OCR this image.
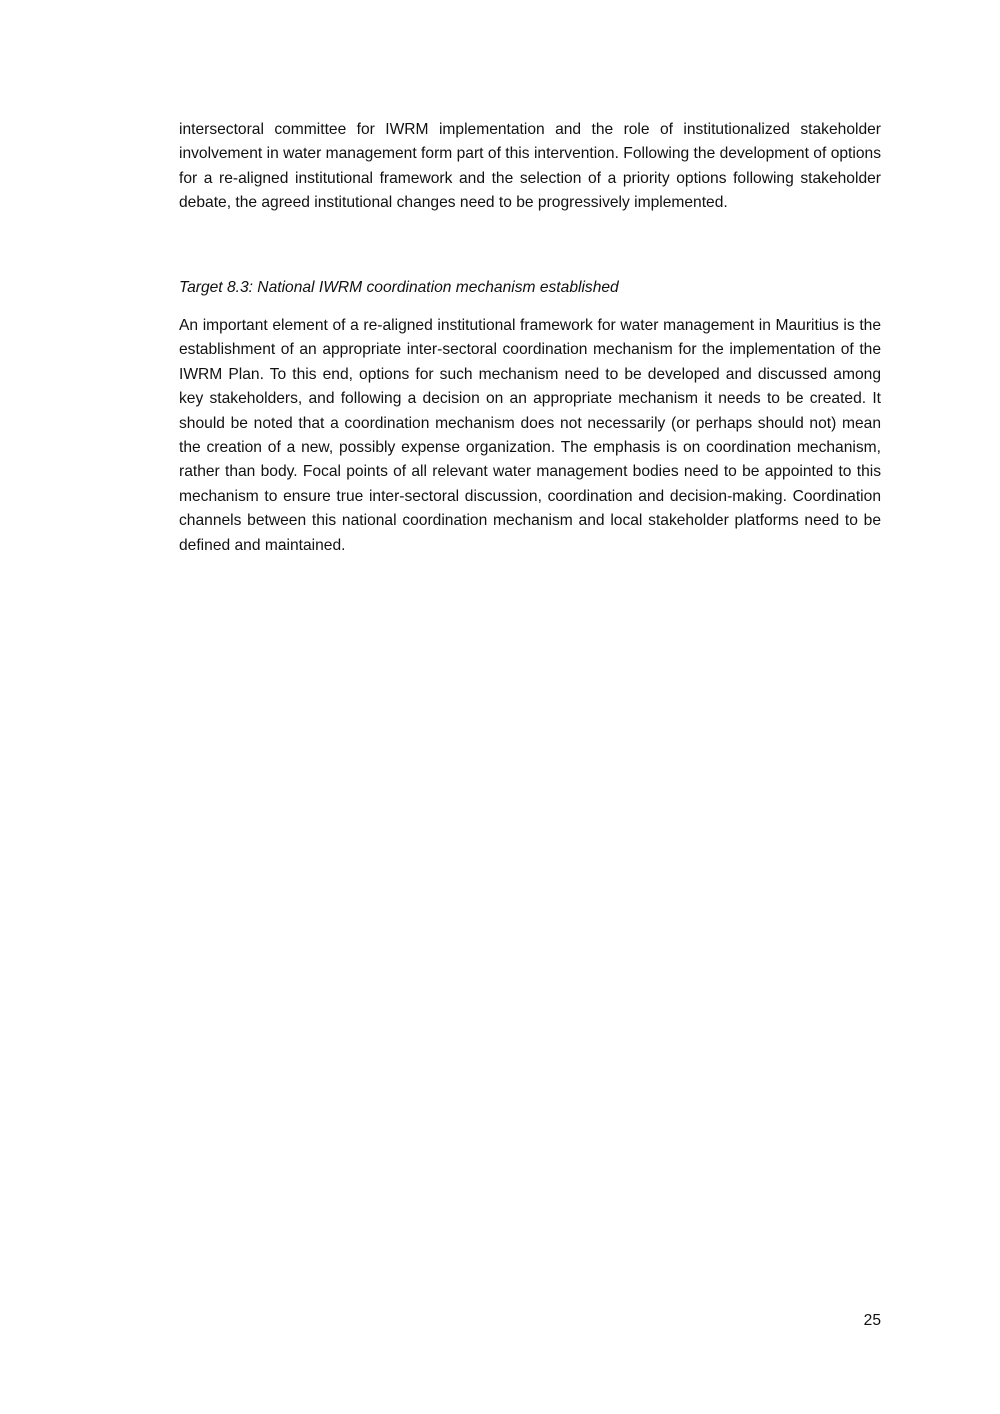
intersectoral committee for IWRM implementation and the role of institutionalized stakeholder involvement in water management form part of this intervention. Following the development of options for a re-aligned institutional framework and the selection of a priority options following stakeholder debate, the agreed institutional changes need to be progressively implemented.

Target 8.3: National IWRM coordination mechanism established

An important element of a re-aligned institutional framework for water management in Mauritius is the establishment of an appropriate inter-sectoral coordination mechanism for the implementation of the IWRM Plan. To this end, options for such mechanism need to be developed and discussed among key stakeholders, and following a decision on an appropriate mechanism it needs to be created. It should be noted that a coordination mechanism does not necessarily (or perhaps should not) mean the creation of a new, possibly expense organization. The emphasis is on coordination mechanism, rather than body. Focal points of all relevant water management bodies need to be appointed to this mechanism to ensure true inter-sectoral discussion, coordination and decision-making. Coordination channels between this national coordination mechanism and local stakeholder platforms need to be defined and maintained.

25
